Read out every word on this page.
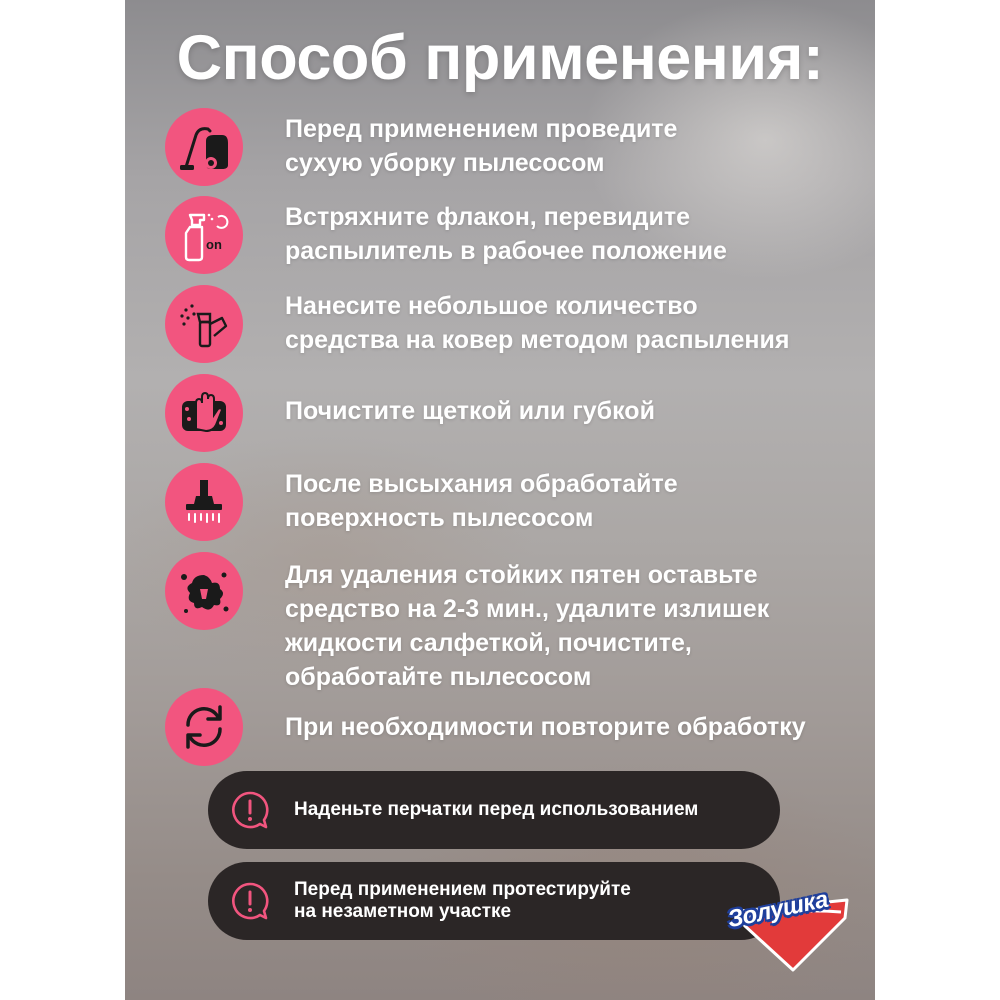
Способ применения:
Перед применением проведите
сухую уборку пылесосом
on
Встряхните флакон, перевидите
распылитель в рабочее положение
Нанесите небольшое количество
средства на ковер методом распыления
Почистите щеткой или губкой
После высыхания обработайте
поверхность пылесосом
Для удаления стойких пятен оставьте
средство на 2-3 мин., удалите излишек
жидкости салфеткой, почистите,
обработайте пылесосом
При необходимости повторите обработку
Наденьте перчатки перед использованием
Перед применением протестируйте
на незаметном участке	Золушка
